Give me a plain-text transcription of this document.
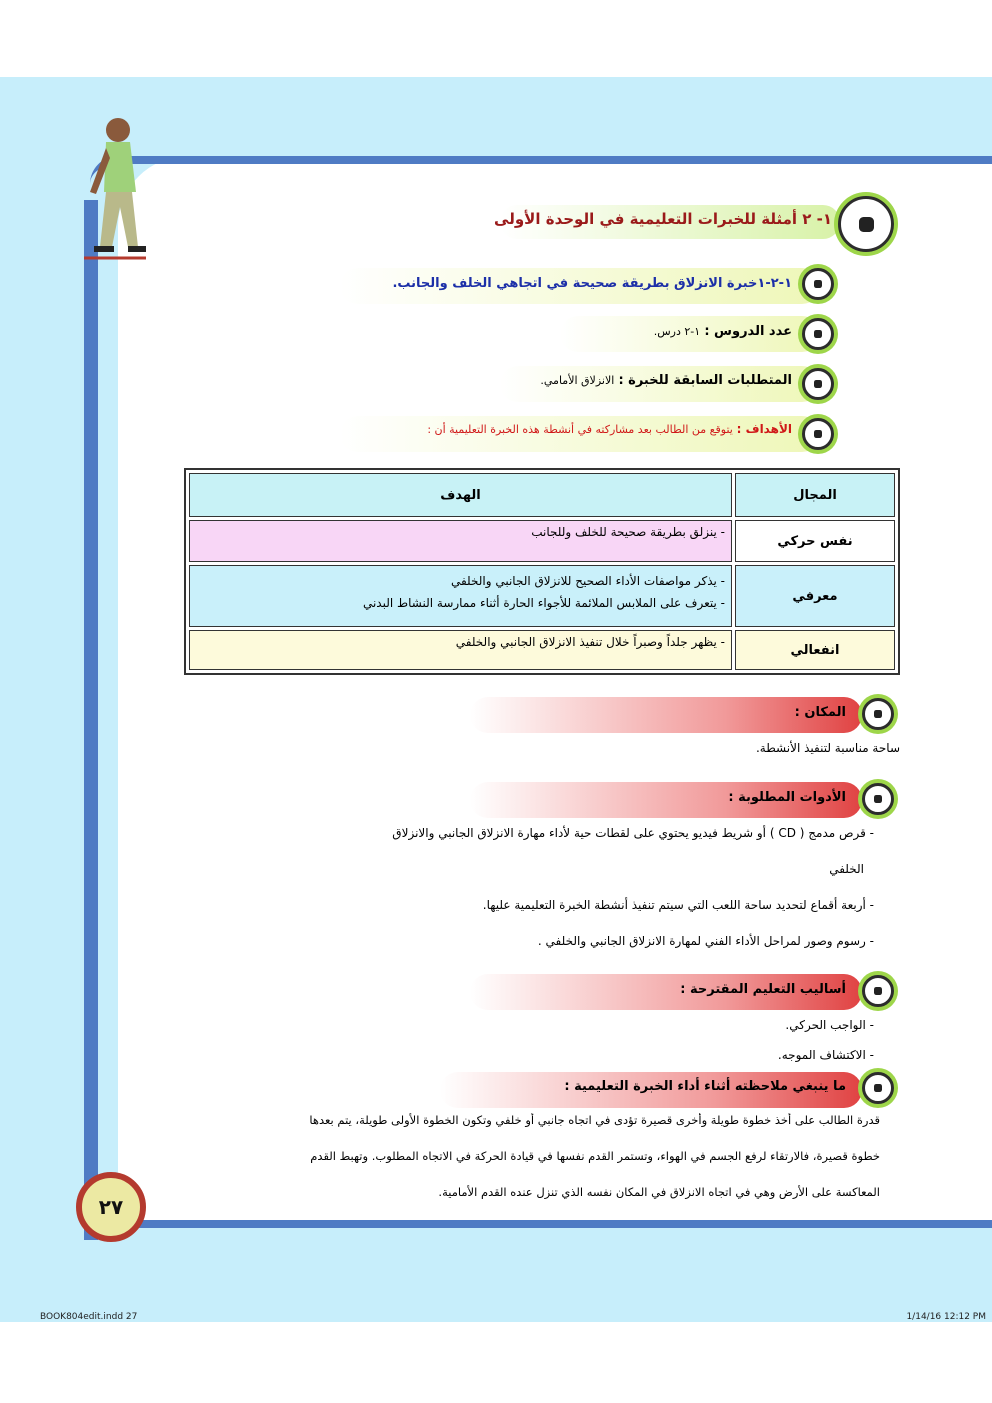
١- ٢ أمثلة للخبرات التعليمية في الوحدة الأولى
١-٢-١خبرة الانزلاق بطريقة صحيحة في اتجاهي الخلف والجانب.
عدد الدروس : ١-٢ درس.
المتطلبات السابقة للخبرة : الانزلاق الأمامي.
الأهداف : يتوقع من الطالب بعد مشاركته في أنشطة هذه الخبرة التعليمية أن :
الهدف	المجال

- ينزلق بطريقة صحيحة للخلف وللجانب	نفس حركي

- يذكر مواصفات الأداء الصحيح للانزلاق الجانبي والخلفي
- يتعرف على الملابس الملائمة للأجواء الحارة أثناء ممارسة النشاط البدني	معرفي

- يظهر جلداً وصبراً خلال تنفيذ الانزلاق الجانبي والخلفي	انفعالي
المكان :
ساحة مناسبة لتنفيذ الأنشطة.
الأدوات المطلوبة :
- قرص مدمج ( CD ) أو شريط فيديو يحتوي على لقطات حية لأداء مهارة الانزلاق الجانبي والانزلاق
الخلفي
- أربعة أقماع لتحديد ساحة اللعب التي سيتم تنفيذ أنشطة الخبرة التعليمية عليها.
- رسوم وصور لمراحل الأداء الفني لمهارة الانزلاق الجانبي والخلفي .
أساليب التعليم المقترحة :
- الواجب الحركي.
- الاكتشاف الموجه.
ما ينبغي ملاحظته أثناء أداء الخبرة التعليمية :
قدرة الطالب على أخذ خطوة طويلة وأخرى قصيرة تؤدى في اتجاه جانبي أو خلفي وتكون الخطوة الأولى طويلة، يتم بعدها
خطوة قصيرة، فالارتقاء لرفع الجسم في الهواء، وتستمر القدم نفسها في قيادة الحركة في الاتجاه المطلوب. وتهبط القدم
المعاكسة على الأرض وهي في اتجاه الانزلاق في المكان نفسه الذي تنزل عنده القدم الأمامية.
٢٧
BOOK804edit.indd 27	1/14/16 12:12 PM
